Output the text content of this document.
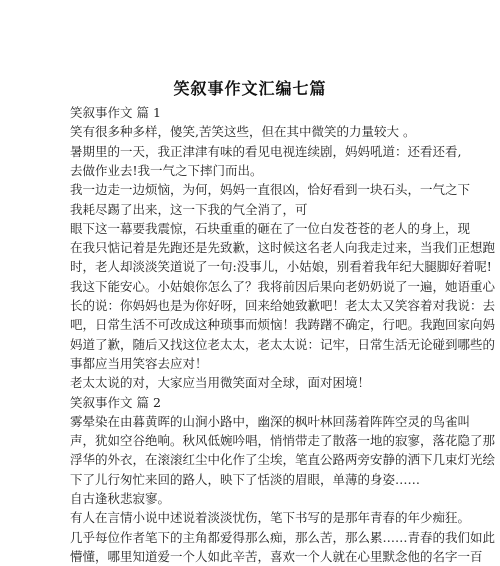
笑叙事作文汇编七篇
笑叙事作文 篇 1
笑有很多种多样，傻笑,苦笑这些，但在其中微笑的力量较大 。
暑期里的一天，我正津津有味的看见电视连续剧，妈妈吼道：还看还看,
去做作业去!我一气之下摔门而出。
我一边走一边烦恼，为何，妈妈一直很凶，恰好看到一块石头，一气之下
我耗尽踢了出来，这一下我的气全消了，可
眼下这一幕要我震惊，石块重重的砸在了一位白发苍苍的老人的身上，现
在我只惦记着是先跑还是先致歉，这时候这名老人向我走过来，当我们正想跑
时，老人却淡淡笑道说了一句:没事儿，小姑娘，别看着我年纪大腿脚好着呢!
我这下能安心。小姑娘你怎么了？我将前因后果向老奶奶说了一遍，她语重心
长的说：你妈妈也是为你好呀，回来给她致歉吧！老太太又笑容着对我说：去
吧，日常生活不可改成这种琐事而烦恼！我踌躇不确定，行吧。我跑回家向妈
妈道了歉，随后又找这位老太太，老太太说：记牢，日常生活无论碰到哪些的
事都应当用笑容去应对！
老太太说的对，大家应当用微笑面对全球，面对困境！
笑叙事作文 篇 2
雾晕染在由暮黄晖的山涧小路中，幽深的枫叶林回荡着阵阵空灵的鸟雀叫
声，犹如空谷绝响。秋风低婉吟唱，悄悄带走了散落一地的寂寥，落花隐了那
浮华的外衣，在滚滚红尘中化作了尘埃，笔直公路两旁安静的洒下几束灯光绘
下了儿行匆忙来回的路人，映下了恬淡的眉眼，单薄的身姿……
自古逢秋悲寂寥。
有人在言情小说中述说着淡淡忧伤，笔下书写的是那年青春的年少痴狂。
几乎每位作者笔下的主角都爱得那么痴，那么苦，那么累……青春的我们如此
懵懂，哪里知道爱一个人如此辛苦，喜欢一个人就在心里默念他的名字一百
